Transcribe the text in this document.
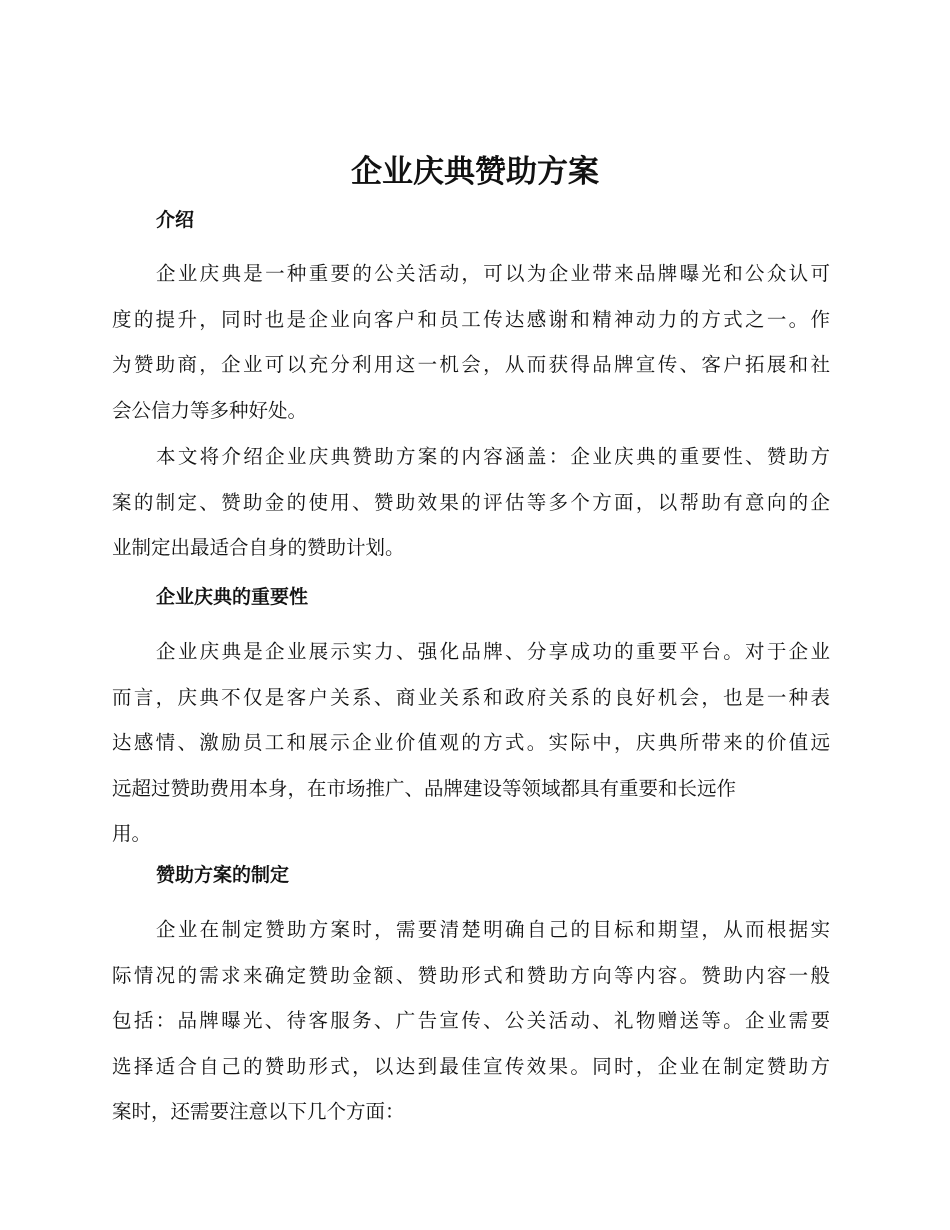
企业庆典赞助方案
介绍

企业庆典是一种重要的公关活动，可以为企业带来品牌曝光和公众认可
度的提升，同时也是企业向客户和员工传达感谢和精神动力的方式之一。作
为赞助商，企业可以充分利用这一机会，从而获得品牌宣传、客户拓展和社
会公信力等多种好处。

本文将介绍企业庆典赞助方案的内容涵盖：企业庆典的重要性、赞助方
案的制定、赞助金的使用、赞助效果的评估等多个方面，以帮助有意向的企
业制定出最适合自身的赞助计划。

企业庆典的重要性

企业庆典是企业展示实力、强化品牌、分享成功的重要平台。对于企业
而言，庆典不仅是客户关系、商业关系和政府关系的良好机会，也是一种表
达感情、激励员工和展示企业价值观的方式。实际中，庆典所带来的价值远
远超过赞助费用本身，在市场推广、品牌建设等领域都具有重要和长远作
用。

赞助方案的制定

企业在制定赞助方案时，需要清楚明确自己的目标和期望，从而根据实
际情况的需求来确定赞助金额、赞助形式和赞助方向等内容。赞助内容一般
包括：品牌曝光、待客服务、广告宣传、公关活动、礼物赠送等。企业需要
选择适合自己的赞助形式，以达到最佳宣传效果。同时，企业在制定赞助方
案时，还需要注意以下几个方面：
